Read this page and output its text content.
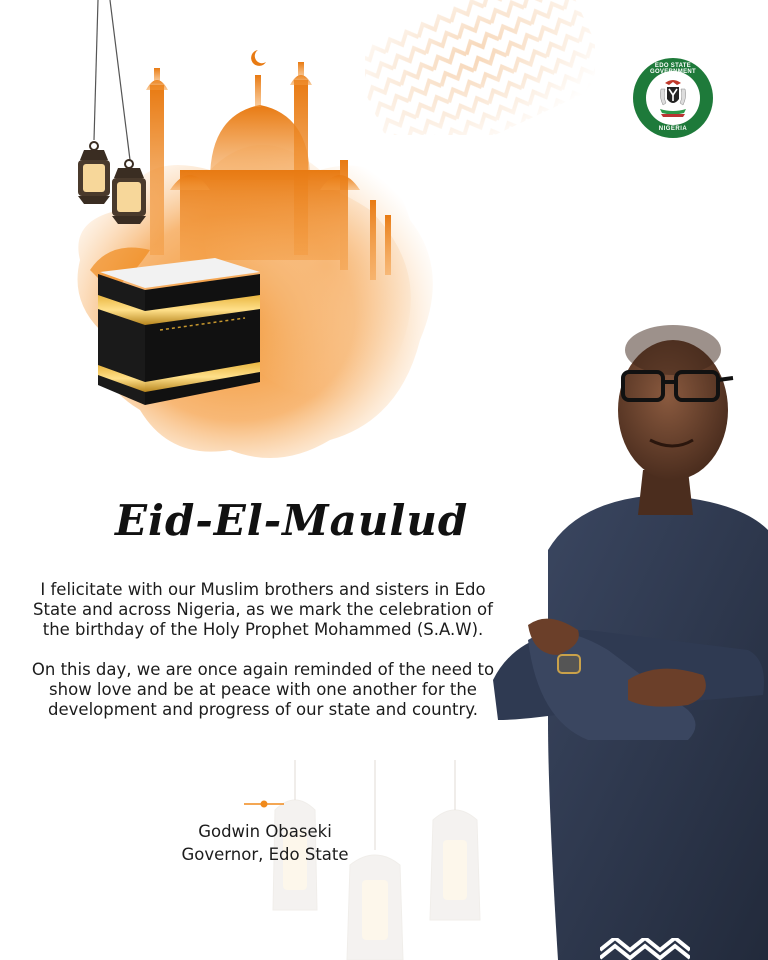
EDO STATE GOVERNMENT
NIGERIA
Eid-El-Maulud

I felicitate with our Muslim brothers and sisters in Edo State and across Nigeria, as we mark the celebration of the birthday of the Holy Prophet Mohammed (S.A.W).

On this day, we are once again reminded of the need to show love and be at peace with one another for the development and progress of our state and country.

Godwin Obaseki
Governor, Edo State
